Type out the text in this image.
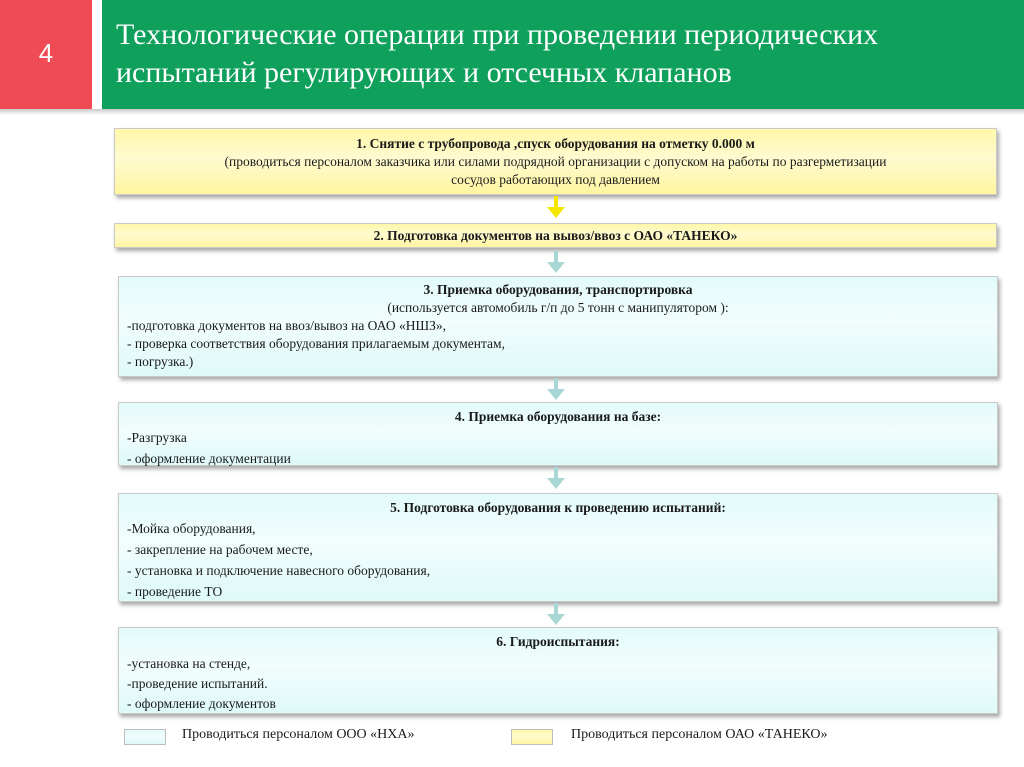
4
Технологические операции при проведении периодических испытаний регулирующих и отсечных клапанов
1. Снятие с трубопровода ,спуск оборудования на отметку 0.000 м
(проводиться персоналом заказчика или силами подрядной организации с допуском на работы по разгерметизации
сосудов работающих под давлением
2. Подготовка документов на вывоз/ввоз с ОАО «ТАНЕКО»
3. Приемка оборудования, транспортировка
(используется автомобиль г/п до 5 тонн с манипулятором ):
-подготовка документов на ввоз/вывоз на ОАО «НШЗ»,
- проверка соответствия оборудования прилагаемым документам,
- погрузка.)
4. Приемка оборудования на базе:
-Разгрузка
- оформление документации
5. Подготовка оборудования к проведению испытаний:
-Мойка оборудования,
- закрепление на рабочем месте,
- установка и подключение навесного оборудования,
- проведение ТО
6. Гидроиспытания:
-установка на стенде,
-проведение испытаний.
- оформление документов
Проводиться персоналом ООО «НХА»	Проводиться персоналом ОАО «ТАНЕКО»
